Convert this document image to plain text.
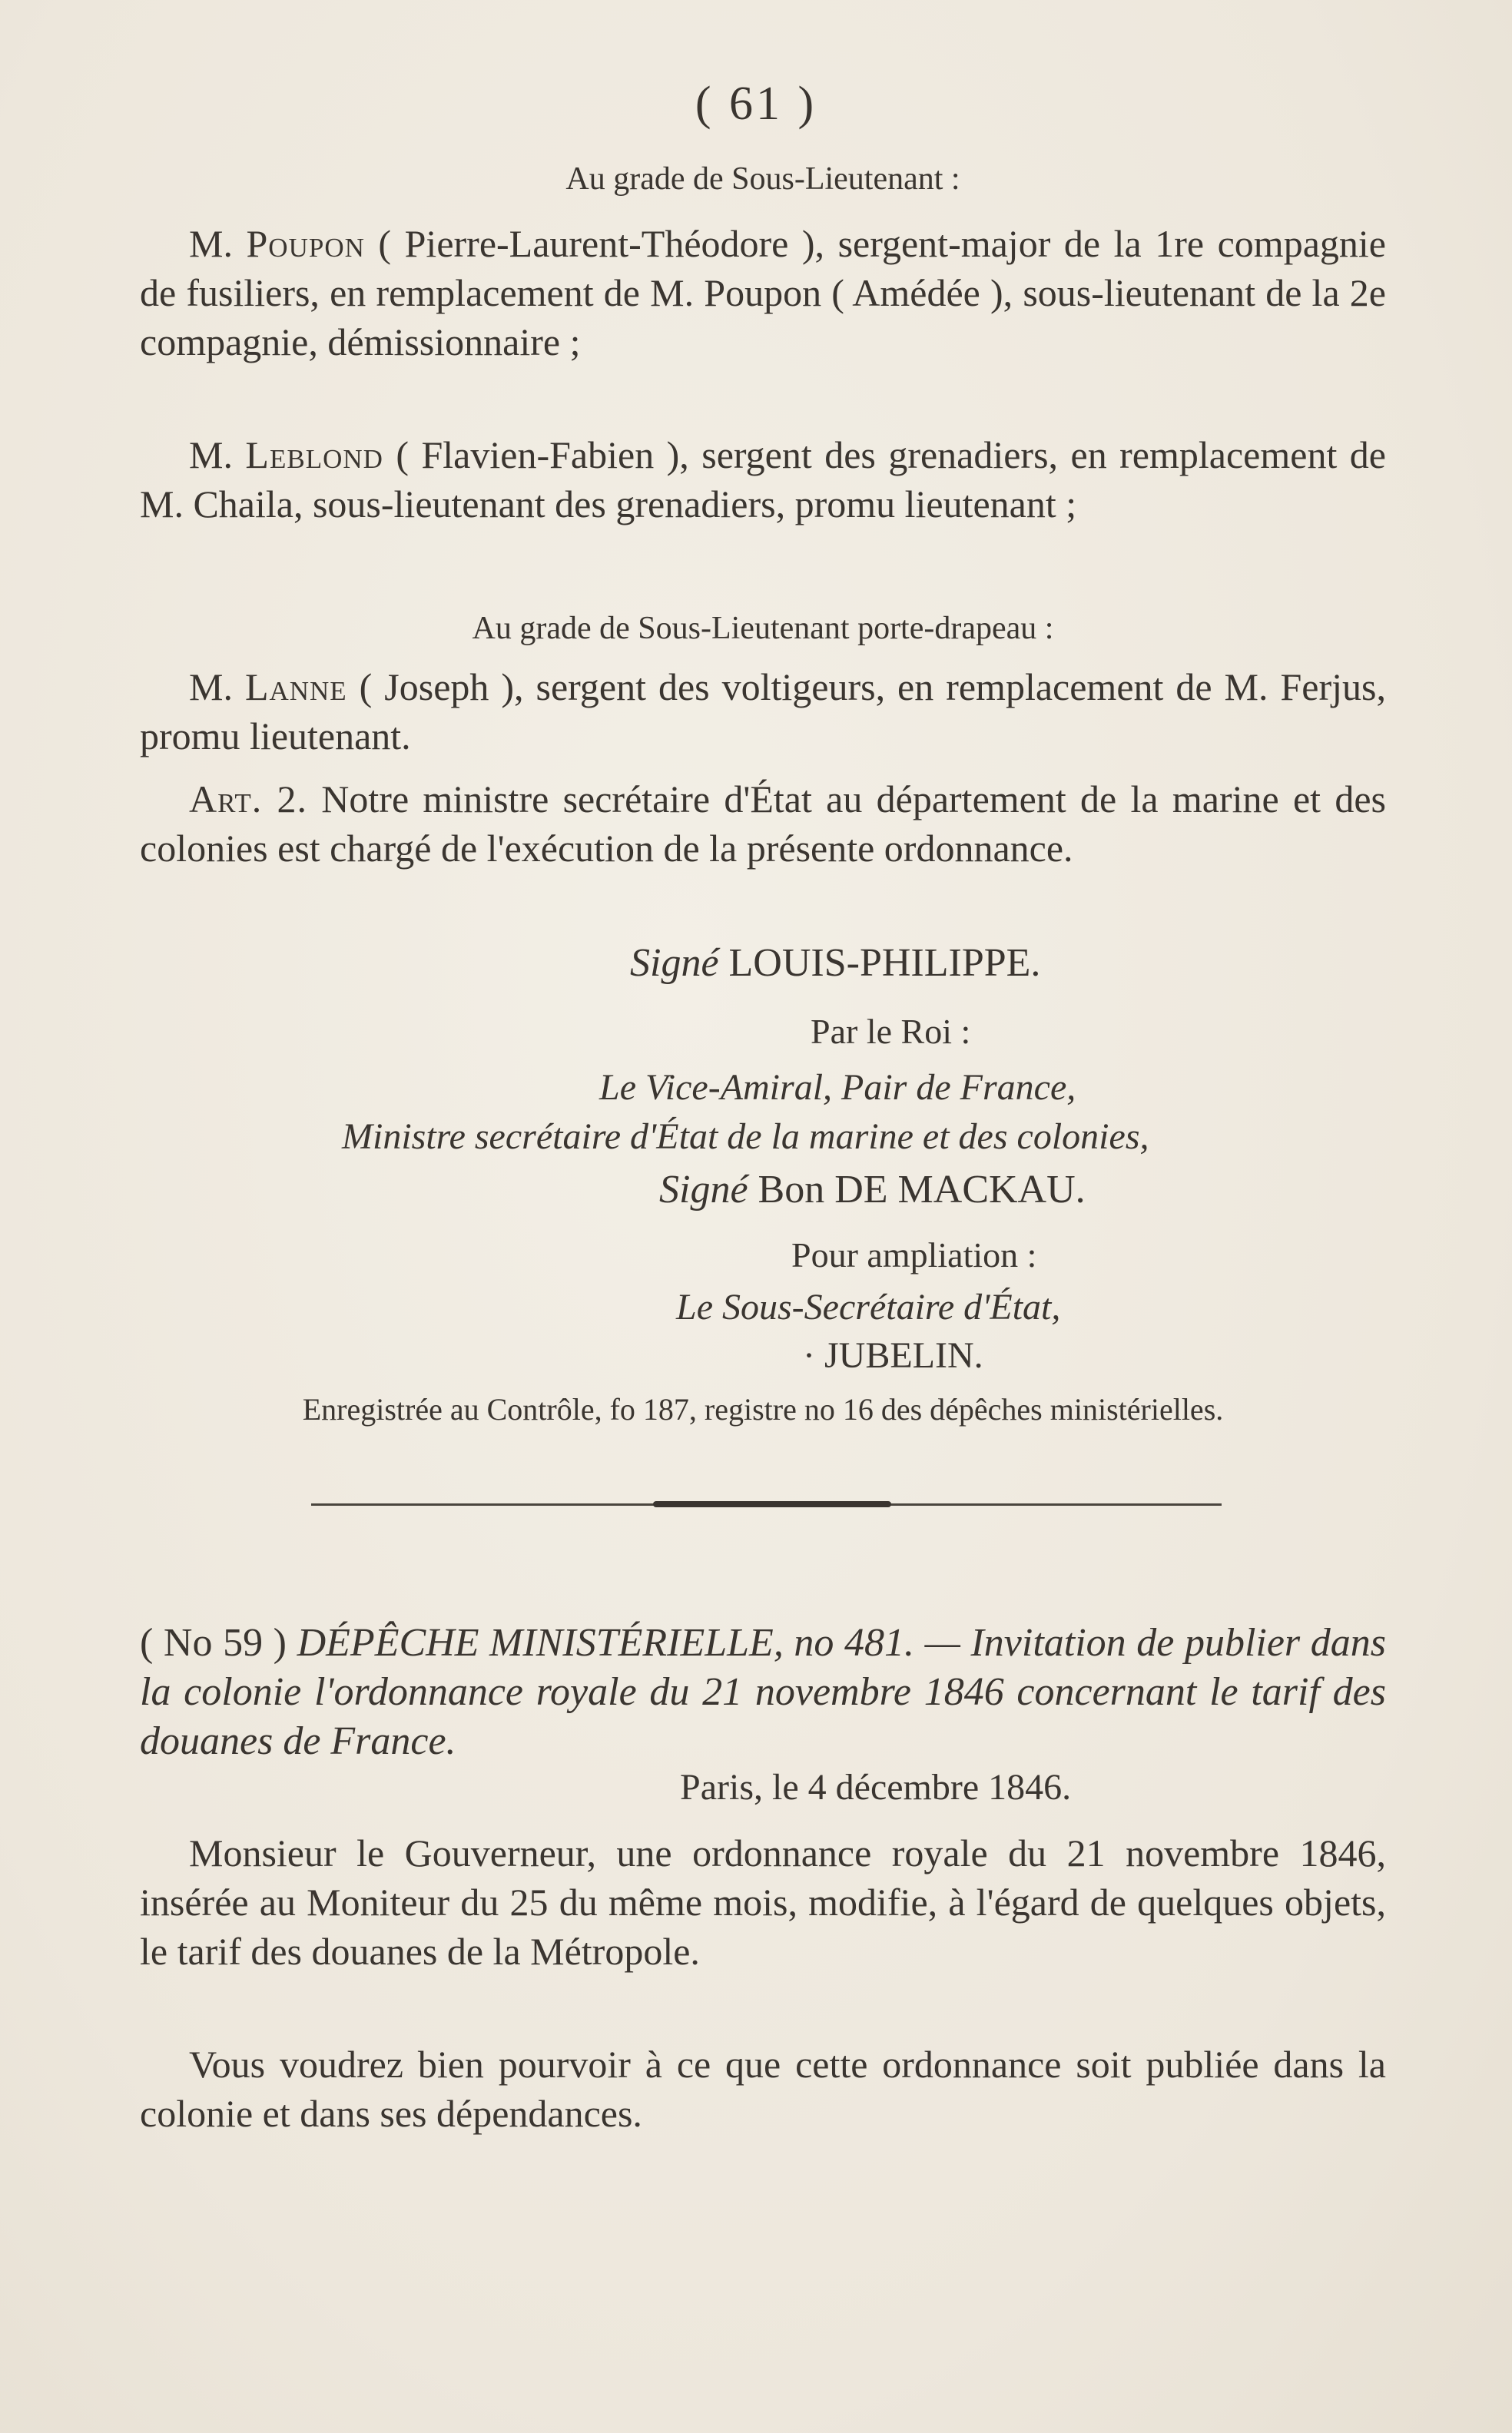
( 61 )
Au grade de Sous-Lieutenant :

M. Poupon ( Pierre-Laurent-Théodore ), sergent-major de la 1re compagnie de fusiliers, en remplacement de M. Poupon ( Amédée ), sous-lieutenant de la 2e compagnie, démissionnaire ;

M. Leblond ( Flavien-Fabien ), sergent des grenadiers, en remplacement de M. Chaila, sous-lieutenant des grenadiers, promu lieutenant ;

Au grade de Sous-Lieutenant porte-drapeau :

M. Lanne ( Joseph ), sergent des voltigeurs, en remplacement de M. Ferjus, promu lieutenant.

Art. 2. Notre ministre secrétaire d'État au département de la marine et des colonies est chargé de l'exécution de la présente ordonnance.

Signé LOUIS-PHILIPPE.
Par le Roi :
Le Vice-Amiral, Pair de France,
Ministre secrétaire d'État de la marine et des colonies,
Signé Bon DE MACKAU.
Pour ampliation :
Le Sous-Secrétaire d'État,
· JUBELIN.
Enregistrée au Contrôle, fo 187, registre no 16 des dépêches ministérielles.

( No 59 ) DÉPÊCHE MINISTÉRIELLE, no 481. — Invitation de publier dans la colonie l'ordonnance royale du 21 novembre 1846 concernant le tarif des douanes de France.

Paris, le 4 décembre 1846.

Monsieur le Gouverneur, une ordonnance royale du 21 novembre 1846, insérée au Moniteur du 25 du même mois, modifie, à l'égard de quelques objets, le tarif des douanes de la Métropole.

Vous voudrez bien pourvoir à ce que cette ordonnance soit publiée dans la colonie et dans ses dépendances.
